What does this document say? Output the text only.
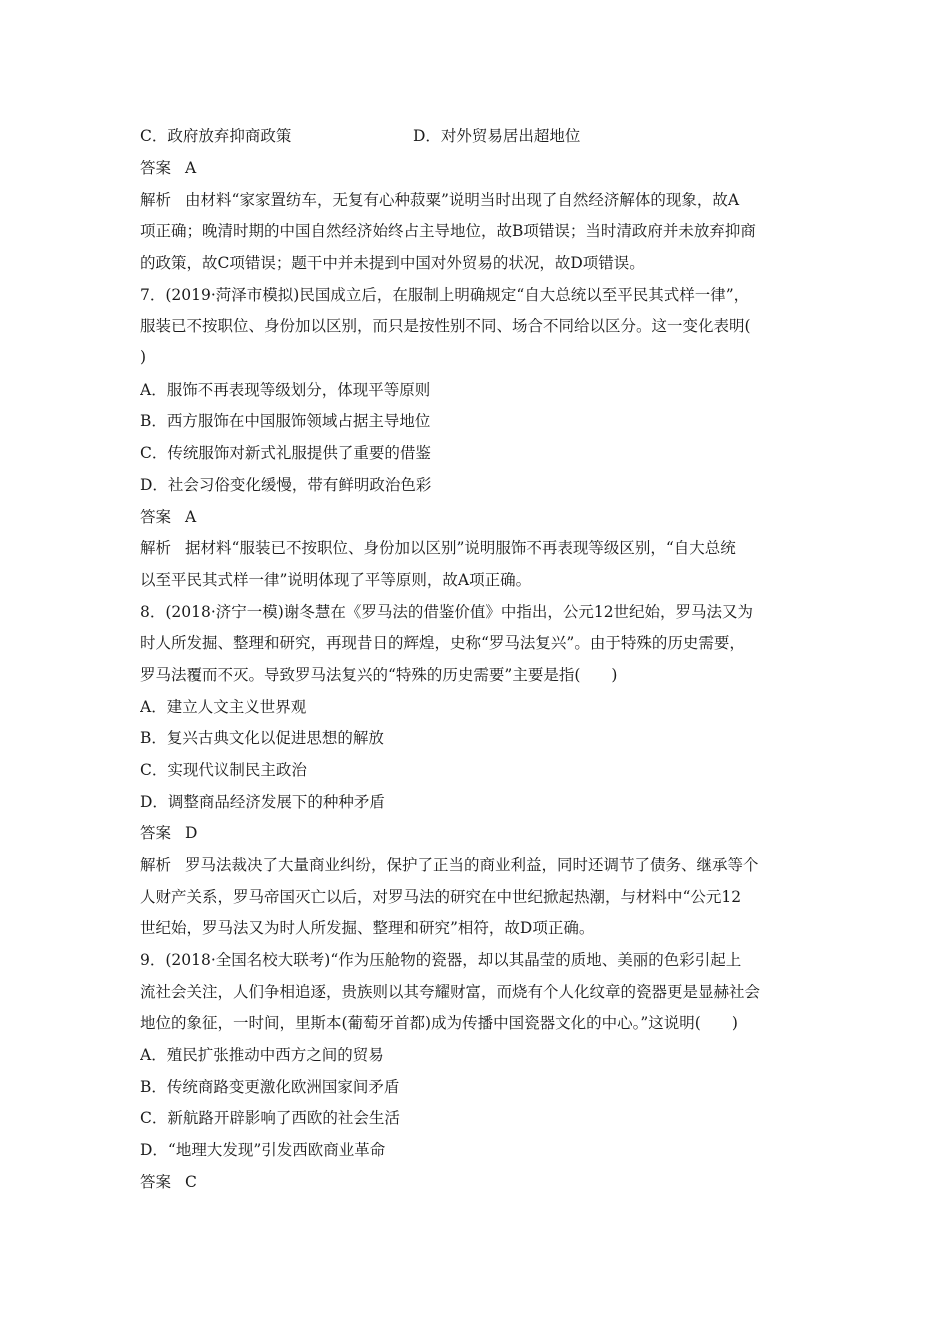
C．政府放弃抑商政策	D．对外贸易居出超地位
答案 A
解析 由材料“家家置纺车，无复有心种菽粟”说明当时出现了自然经济解体的现象，故A
项正确；晚清时期的中国自然经济始终占主导地位，故B项错误；当时清政府并未放弃抑商
的政策，故C项错误；题干中并未提到中国对外贸易的状况，故D项错误。
7．(2019·菏泽市模拟)民国成立后，在服制上明确规定“自大总统以至平民其式样一律”，
服装已不按职位、身份加以区别，而只是按性别不同、场合不同给以区分。这一变化表明(
)
A．服饰不再表现等级划分，体现平等原则
B．西方服饰在中国服饰领域占据主导地位
C．传统服饰对新式礼服提供了重要的借鉴
D．社会习俗变化缓慢，带有鲜明政治色彩
答案 A
解析 据材料“服装已不按职位、身份加以区别”说明服饰不再表现等级区别，“自大总统
以至平民其式样一律”说明体现了平等原则，故A项正确。
8．(2018·济宁一模)谢冬慧在《罗马法的借鉴价值》中指出，公元12世纪始，罗马法又为
时人所发掘、整理和研究，再现昔日的辉煌，史称“罗马法复兴”。由于特殊的历史需要，
罗马法覆而不灭。导致罗马法复兴的“特殊的历史需要”主要是指(　　)
A．建立人文主义世界观
B．复兴古典文化以促进思想的解放
C．实现代议制民主政治
D．调整商品经济发展下的种种矛盾
答案 D
解析 罗马法裁决了大量商业纠纷，保护了正当的商业利益，同时还调节了债务、继承等个
人财产关系，罗马帝国灭亡以后，对罗马法的研究在中世纪掀起热潮，与材料中“公元12
世纪始，罗马法又为时人所发掘、整理和研究”相符，故D项正确。
9．(2018·全国名校大联考)“作为压舱物的瓷器，却以其晶莹的质地、美丽的色彩引起上
流社会关注，人们争相追逐，贵族则以其夸耀财富，而烧有个人化纹章的瓷器更是显赫社会
地位的象征，一时间，里斯本(葡萄牙首都)成为传播中国瓷器文化的中心。”这说明(　　)
A．殖民扩张推动中西方之间的贸易
B．传统商路变更激化欧洲国家间矛盾
C．新航路开辟影响了西欧的社会生活
D．“地理大发现”引发西欧商业革命
答案 C
